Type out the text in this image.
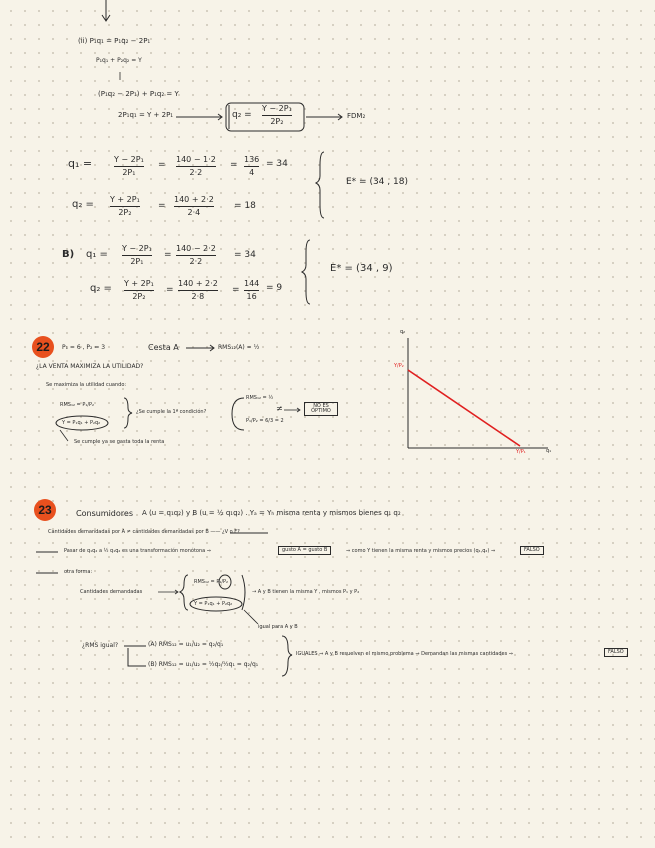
(ii) P₁q₁ = P₁q₂ − 2P₁
P₁q₁ + P₂q₂ = Y
(P₁q₂ − 2P₁) + P₁q₂ = Y
2P₁q₁ = Y + 2P₁	q₂ =
Y − 2P₁
2P₂
FDM₂
q₁ =	Y − 2P₁
2P₁
=
140 − 1·2
2·2
=
136
4
= 34
q₂ = Y + 2P₁
2P₂
=
140 + 2·2
2·4
= 18
E* = (34 , 18)
B) q₁ =
Y − 2P₁
2P₁
=
140 − 2·2
2·2
= 34
q₂ = Y + 2P₁
2P₂
=
140 + 2·2
2·8
=
144
16
= 9
E* = (34 , 9)
22	P₁ = 6 , P₂ = 3	Cesta A	RMS₁₂(A) = ½
¿LA VENTA MAXIMIZA LA UTILIDAD?
Se maximiza la utilidad cuando:
RMS₁₂ = P₁/P₂
Y = P₁q₁ + P₂q₂
¿Se cumple la 1ª condición?
RMS₁₂ = ½
P₁/P₂ = 6/3 = 2
≠	NO ES ÓPTIMO
Se cumple ya se gasta toda la renta
q₂
q₁
Y/P₂
Y/P₁
23	Consumidores A (u = q₁q₂) y B (u = ½ q₁q₂) . Yₐ = Yₕ misma renta y mismos bienes q₁ q₂
Cantidades demandadas por A ≠ cantidades demandadas por B —— ¿V o F?
Pasar de q₁q₂ a ½ q₁q₂ es una transformación monótona ⇒	gusto A = gusto B	⇒ como Y tienen la misma renta y mismos precios (q₁,q₂) ⇒	FALSO
otra forma:
Cantidades demandadas
RMS₁₂ = P₁/P₂
Y = P₁q₁ + P₂q₂
→ A y B tienen la misma Y , mismos P₁ y P₂
igual para A y B
¿RMS igual?	(A) RMS₁₂ = u₁/u₂ = q₂/q₁
(B) RMS₁₂ = u₁/u₂ = ½q₂/½q₁ = q₂/q₁
IGUALES ⇒ A y B resuelven el mismo problema ⇒ Demandan las mismas cantidades ⇒	FALSO
